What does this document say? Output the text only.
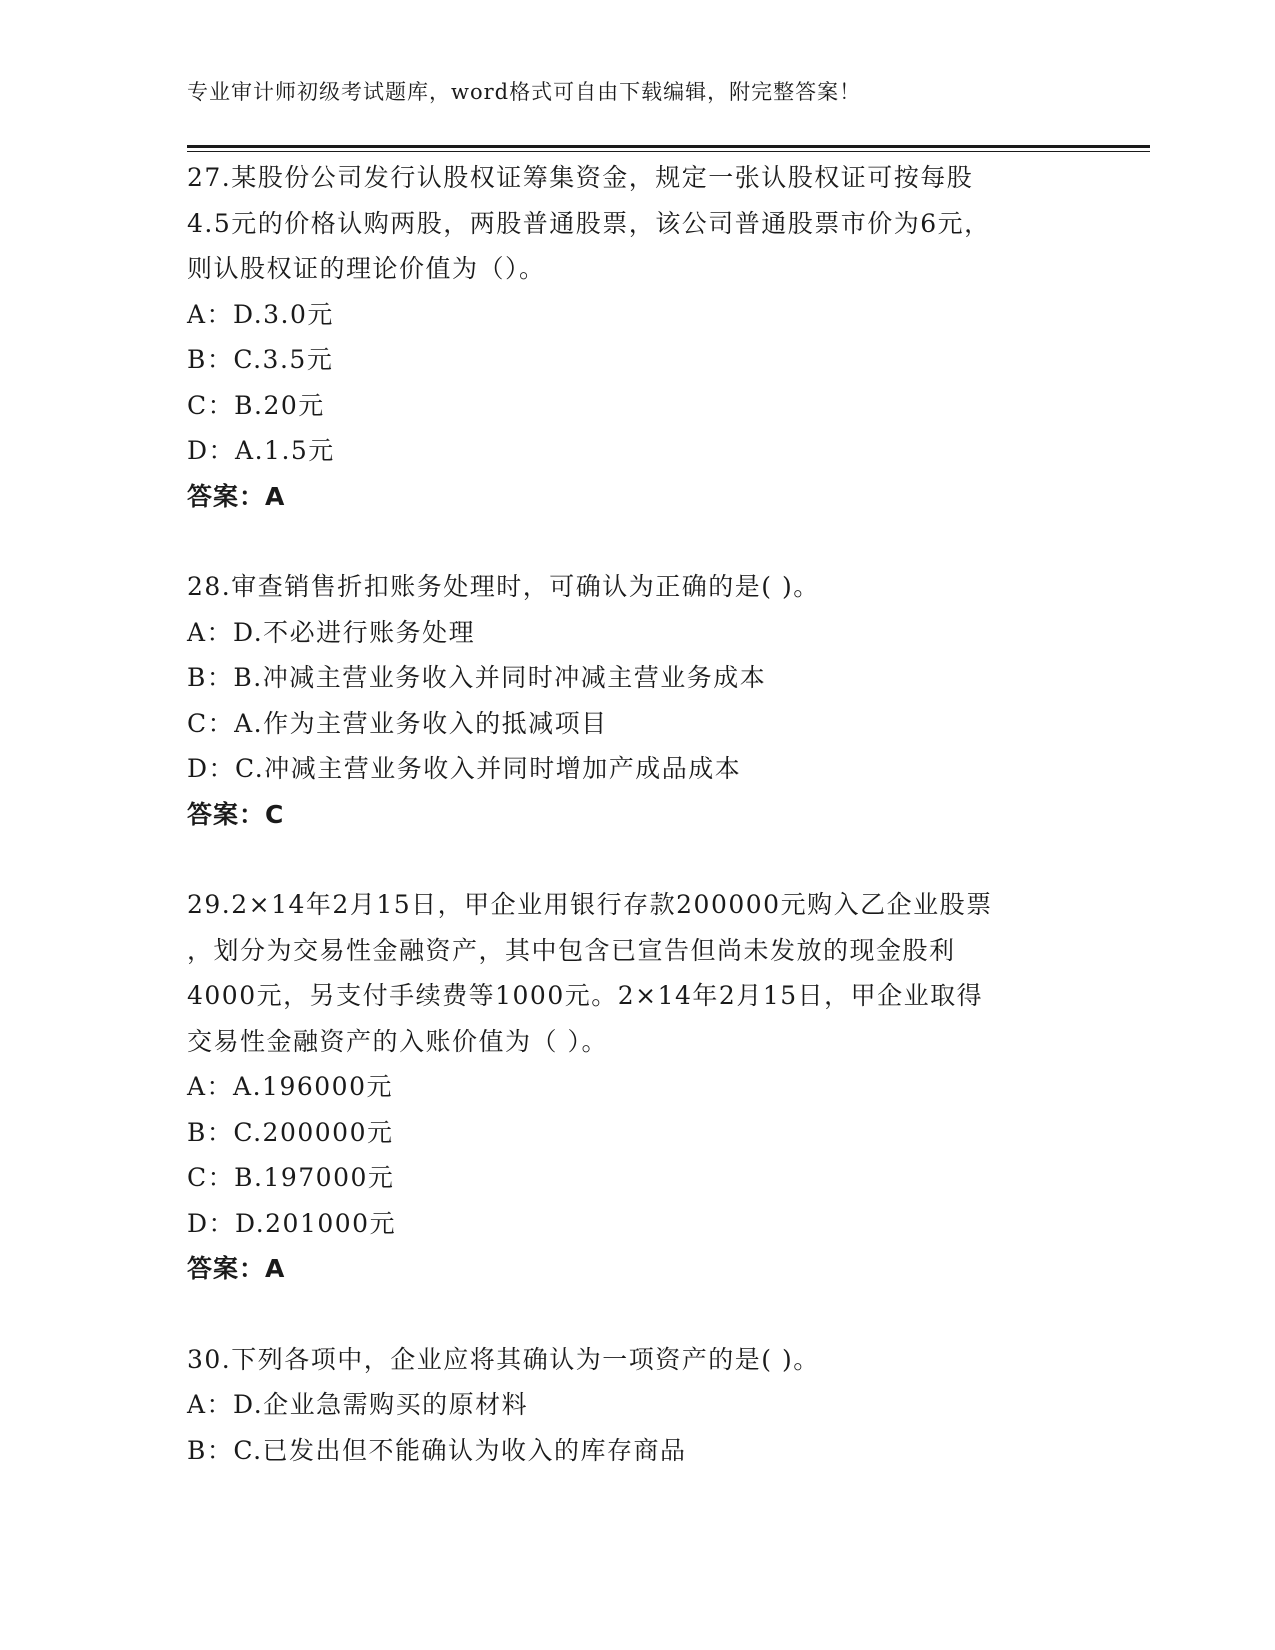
专业审计师初级考试题库，word格式可自由下载编辑，附完整答案！
27.某股份公司发行认股权证筹集资金，规定一张认股权证可按每股
4.5元的价格认购两股，两股普通股票，该公司普通股票市价为6元，
则认股权证的理论价值为（）。
A：D.3.0元
B：C.3.5元
C：B.20元
D：A.1.5元
答案：A
28.审查销售折扣账务处理时，可确认为正确的是( )。
A：D.不必进行账务处理
B：B.冲减主营业务收入并同时冲减主营业务成本
C：A.作为主营业务收入的抵减项目
D：C.冲减主营业务收入并同时增加产成品成本
答案：C
29.2×14年2月15日，甲企业用银行存款200000元购入乙企业股票
，划分为交易性金融资产，其中包含已宣告但尚未发放的现金股利
4000元，另支付手续费等1000元。2×14年2月15日，甲企业取得
交易性金融资产的入账价值为（ ）。
A：A.196000元
B：C.200000元
C：B.197000元
D：D.201000元
答案：A
30.下列各项中，企业应将其确认为一项资产的是( )。
A：D.企业急需购买的原材料
B：C.已发出但不能确认为收入的库存商品
